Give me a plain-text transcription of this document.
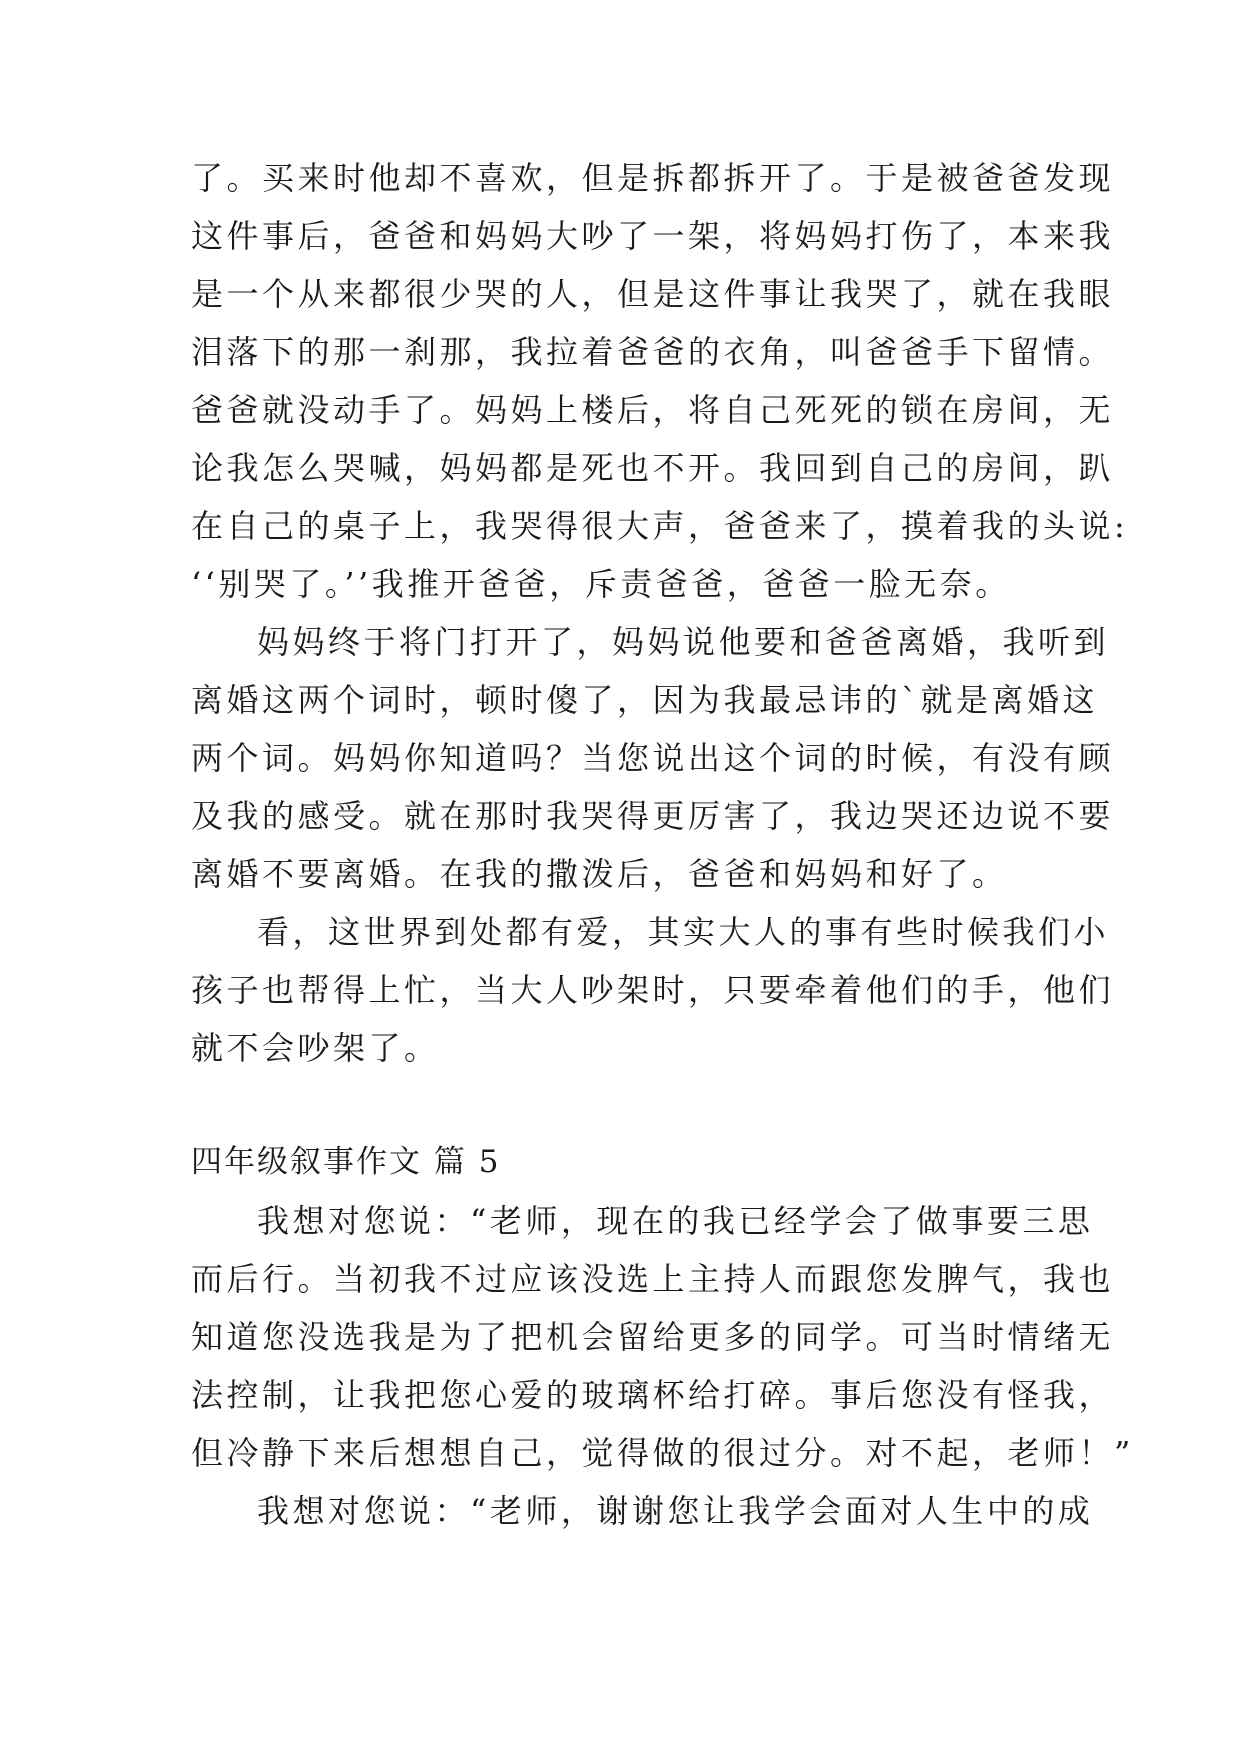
了。买来时他却不喜欢，但是拆都拆开了。于是被爸爸发现
这件事后，爸爸和妈妈大吵了一架，将妈妈打伤了，本来我
是一个从来都很少哭的人，但是这件事让我哭了，就在我眼
泪落下的那一刹那，我拉着爸爸的衣角，叫爸爸手下留情。
爸爸就没动手了。妈妈上楼后，将自己死死的锁在房间，无
论我怎么哭喊，妈妈都是死也不开。我回到自己的房间，趴
在自己的桌子上，我哭得很大声，爸爸来了，摸着我的头说:
‘‘别哭了。’’我推开爸爸，斥责爸爸，爸爸一脸无奈。
妈妈终于将门打开了，妈妈说他要和爸爸离婚，我听到
离婚这两个词时，顿时傻了，因为我最忌讳的`就是离婚这
两个词。妈妈你知道吗？当您说出这个词的时候，有没有顾
及我的感受。就在那时我哭得更厉害了，我边哭还边说不要
离婚不要离婚。在我的撒泼后，爸爸和妈妈和好了。
看，这世界到处都有爱，其实大人的事有些时候我们小
孩子也帮得上忙，当大人吵架时，只要牵着他们的手，他们
就不会吵架了。
四年级叙事作文 篇 5
我想对您说：“老师，现在的我已经学会了做事要三思
而后行。当初我不过应该没选上主持人而跟您发脾气，我也
知道您没选我是为了把机会留给更多的同学。可当时情绪无
法控制，让我把您心爱的玻璃杯给打碎。事后您没有怪我，
但冷静下来后想想自己，觉得做的很过分。对不起，老师！”
我想对您说：“老师，谢谢您让我学会面对人生中的成
